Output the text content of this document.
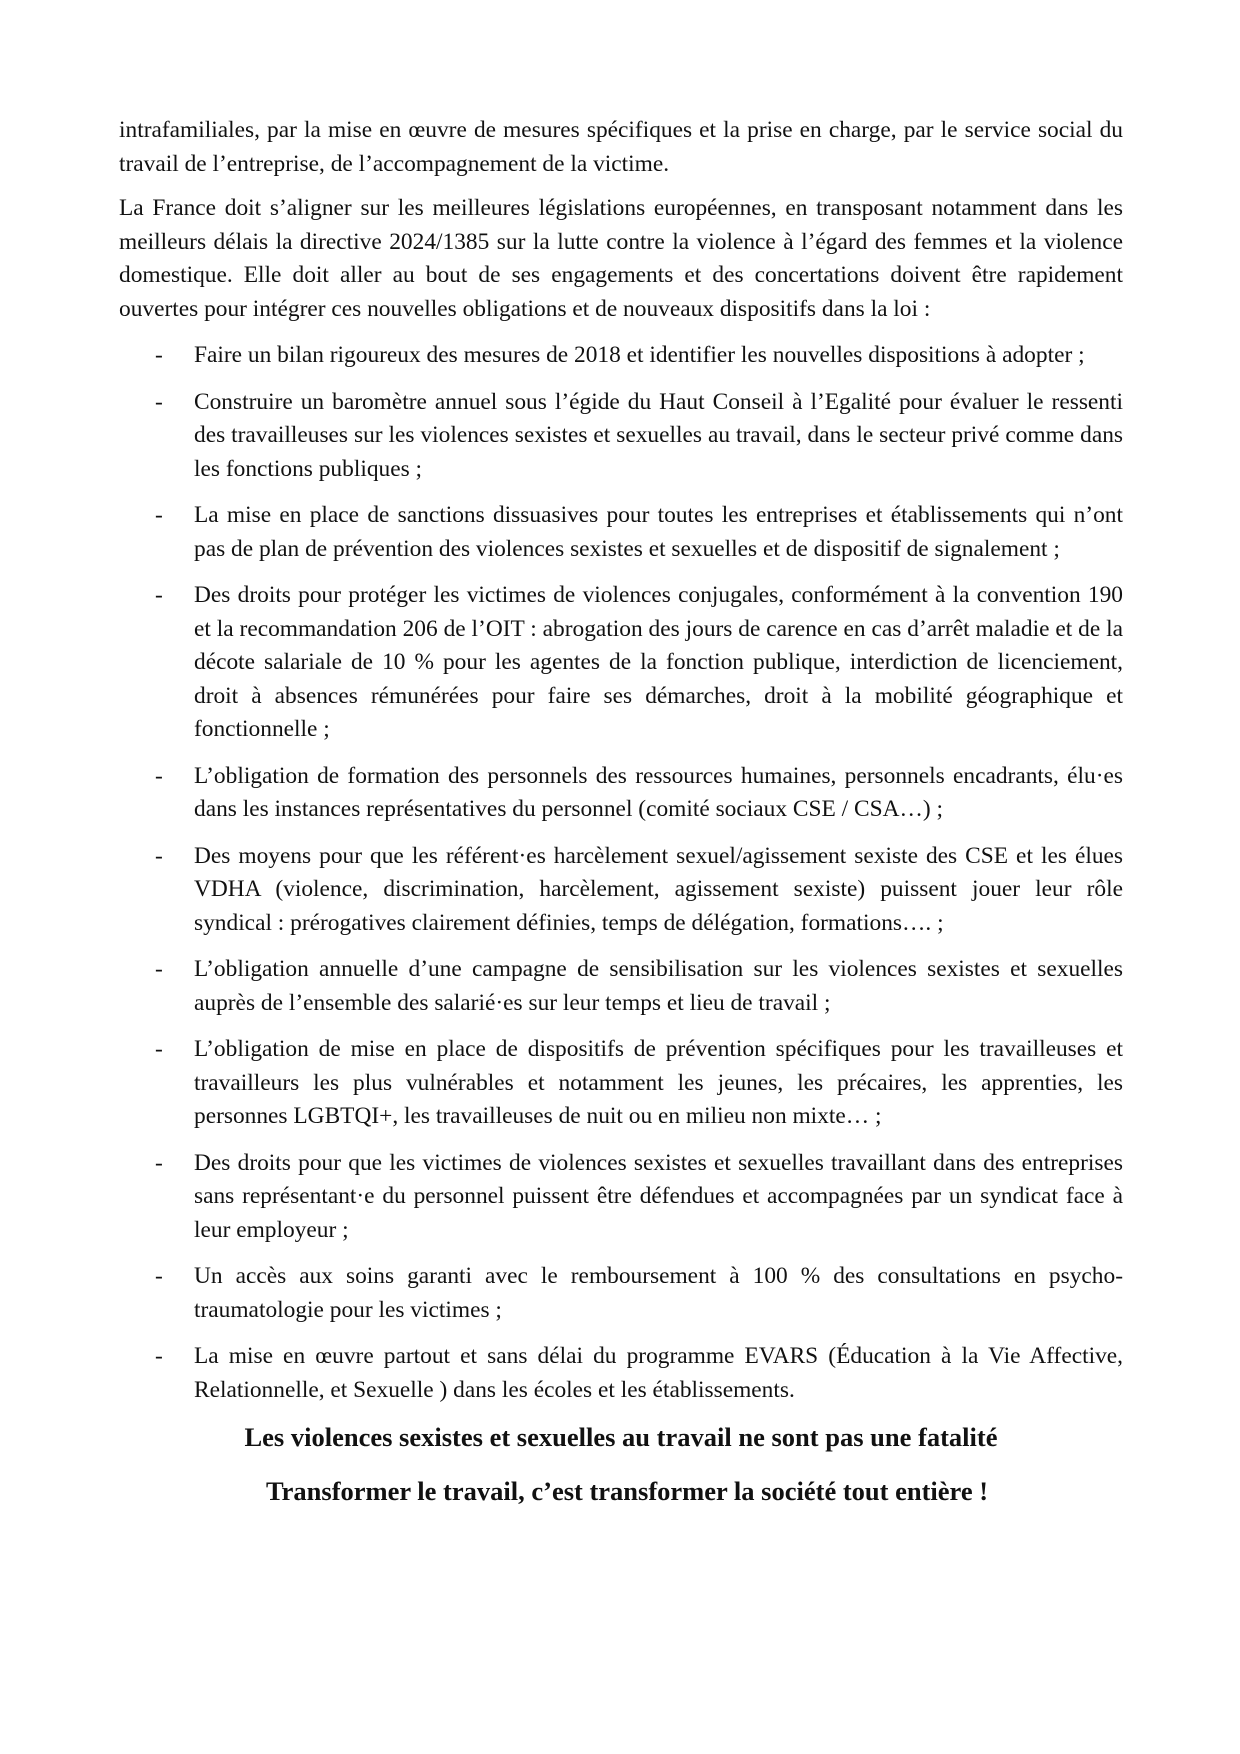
intrafamiliales, par la mise en œuvre de mesures spécifiques et la prise en charge, par le service social du travail de l’entreprise, de l’accompagnement de la victime.

La France doit s’aligner sur les meilleures législations européennes, en transposant notamment dans les meilleurs délais la directive 2024/1385 sur la lutte contre la violence à l’égard des femmes et la violence domestique. Elle doit aller au bout de ses engagements et des concertations doivent être rapidement ouvertes pour intégrer ces nouvelles obligations et de nouveaux dispositifs dans la loi :

- Faire un bilan rigoureux des mesures de 2018 et identifier les nouvelles dispositions à adopter ;
- Construire un baromètre annuel sous l’égide du Haut Conseil à l’Egalité pour évaluer le ressenti des travailleuses sur les violences sexistes et sexuelles au travail, dans le secteur privé comme dans les fonctions publiques ;
- La mise en place de sanctions dissuasives pour toutes les entreprises et établissements qui n’ont pas de plan de prévention des violences sexistes et sexuelles et de dispositif de signalement ;
- Des droits pour protéger les victimes de violences conjugales, conformément à la convention 190 et la recommandation 206 de l’OIT : abrogation des jours de carence en cas d’arrêt maladie et de la décote salariale de 10 % pour les agentes de la fonction publique, interdiction de licenciement, droit à absences rémunérées pour faire ses démarches, droit à la mobilité géographique et fonctionnelle ;
- L’obligation de formation des personnels des ressources humaines, personnels encadrants, élu·es dans les instances représentatives du personnel (comité sociaux CSE / CSA…) ;
- Des moyens pour que les référent·es harcèlement sexuel/agissement sexiste des CSE et les élues VDHA (violence, discrimination, harcèlement, agissement sexiste) puissent jouer leur rôle syndical : prérogatives clairement définies, temps de délégation, formations…. ;
- L’obligation annuelle d’une campagne de sensibilisation sur les violences sexistes et sexuelles auprès de l’ensemble des salarié·es sur leur temps et lieu de travail ;
- L’obligation de mise en place de dispositifs de prévention spécifiques pour les travailleuses et travailleurs les plus vulnérables et notamment les jeunes, les précaires, les apprenties, les personnes LGBTQI+, les travailleuses de nuit ou en milieu non mixte… ;
- Des droits pour que les victimes de violences sexistes et sexuelles travaillant dans des entreprises sans représentant·e du personnel puissent être défendues et accompagnées par un syndicat face à leur employeur ;
- Un accès aux soins garanti avec le remboursement à 100 % des consultations en psycho-traumatologie pour les victimes ;
- La mise en œuvre partout et sans délai du programme EVARS (Éducation à la Vie Affective, Relationnelle, et Sexuelle ) dans les écoles et les établissements.

Les violences sexistes et sexuelles au travail ne sont pas une fatalité

Transformer le travail, c’est transformer la société tout entière !
